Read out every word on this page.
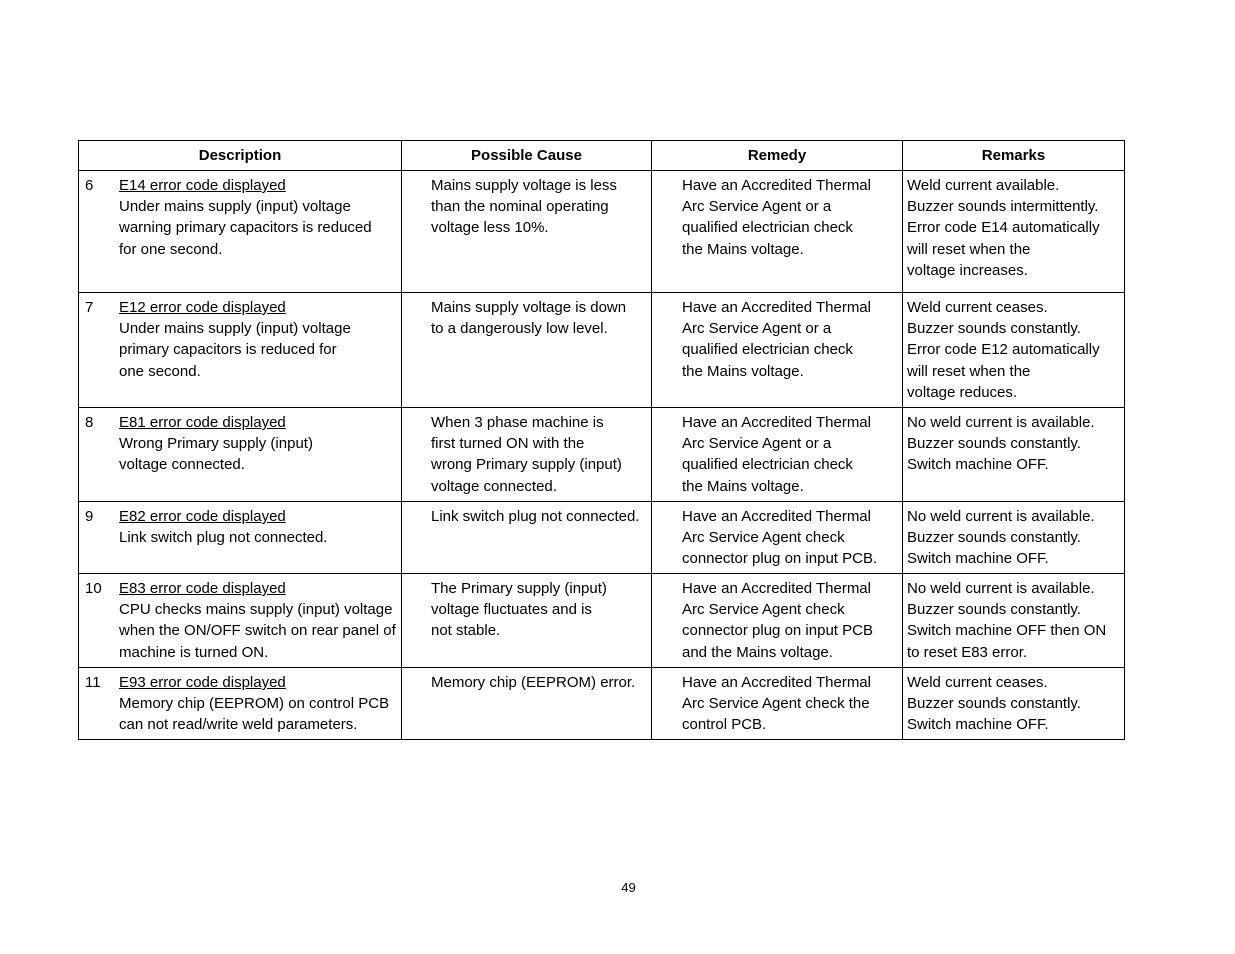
Description	Possible Cause	Remedy	Remarks

6 E14 error code displayed
Under mains supply (input) voltage
warning primary capacitors is reduced
for one second.	Mains supply voltage is less
than the nominal operating
voltage less 10%.	Have an Accredited Thermal
Arc Service Agent or a
qualified electrician check
the Mains voltage.	Weld current available.
Buzzer sounds intermittently.
Error code E14 automatically
will reset when the
voltage increases.

7 E12 error code displayed
Under mains supply (input) voltage
primary capacitors is reduced for
one second.	Mains supply voltage is down
to a dangerously low level.	Have an Accredited Thermal
Arc Service Agent or a
qualified electrician check
the Mains voltage.	Weld current ceases.
Buzzer sounds constantly.
Error code E12 automatically
will reset when the
voltage reduces.

8 E81 error code displayed
Wrong Primary supply (input)
voltage connected.	When 3 phase machine is
first turned ON with the
wrong Primary supply (input)
voltage connected.	Have an Accredited Thermal
Arc Service Agent or a
qualified electrician check
the Mains voltage.	No weld current is available.
Buzzer sounds constantly.
Switch machine OFF.

9 E82 error code displayed
Link switch plug not connected.	Link switch plug not connected.	Have an Accredited Thermal
Arc Service Agent check
connector plug on input PCB.	No weld current is available.
Buzzer sounds constantly.
Switch machine OFF.

10 E83 error code displayed
CPU checks mains supply (input) voltage
when the ON/OFF switch on rear panel of
machine is turned ON.	The Primary supply (input)
voltage fluctuates and is
not stable.	Have an Accredited Thermal
Arc Service Agent check
connector plug on input PCB
and the Mains voltage.	No weld current is available.
Buzzer sounds constantly.
Switch machine OFF then ON
to reset E83 error.

11 E93 error code displayed
Memory chip (EEPROM) on control PCB
can not read/write weld parameters.	Memory chip (EEPROM) error.	Have an Accredited Thermal
Arc Service Agent check the
control PCB.	Weld current ceases.
Buzzer sounds constantly.
Switch machine OFF.
49
